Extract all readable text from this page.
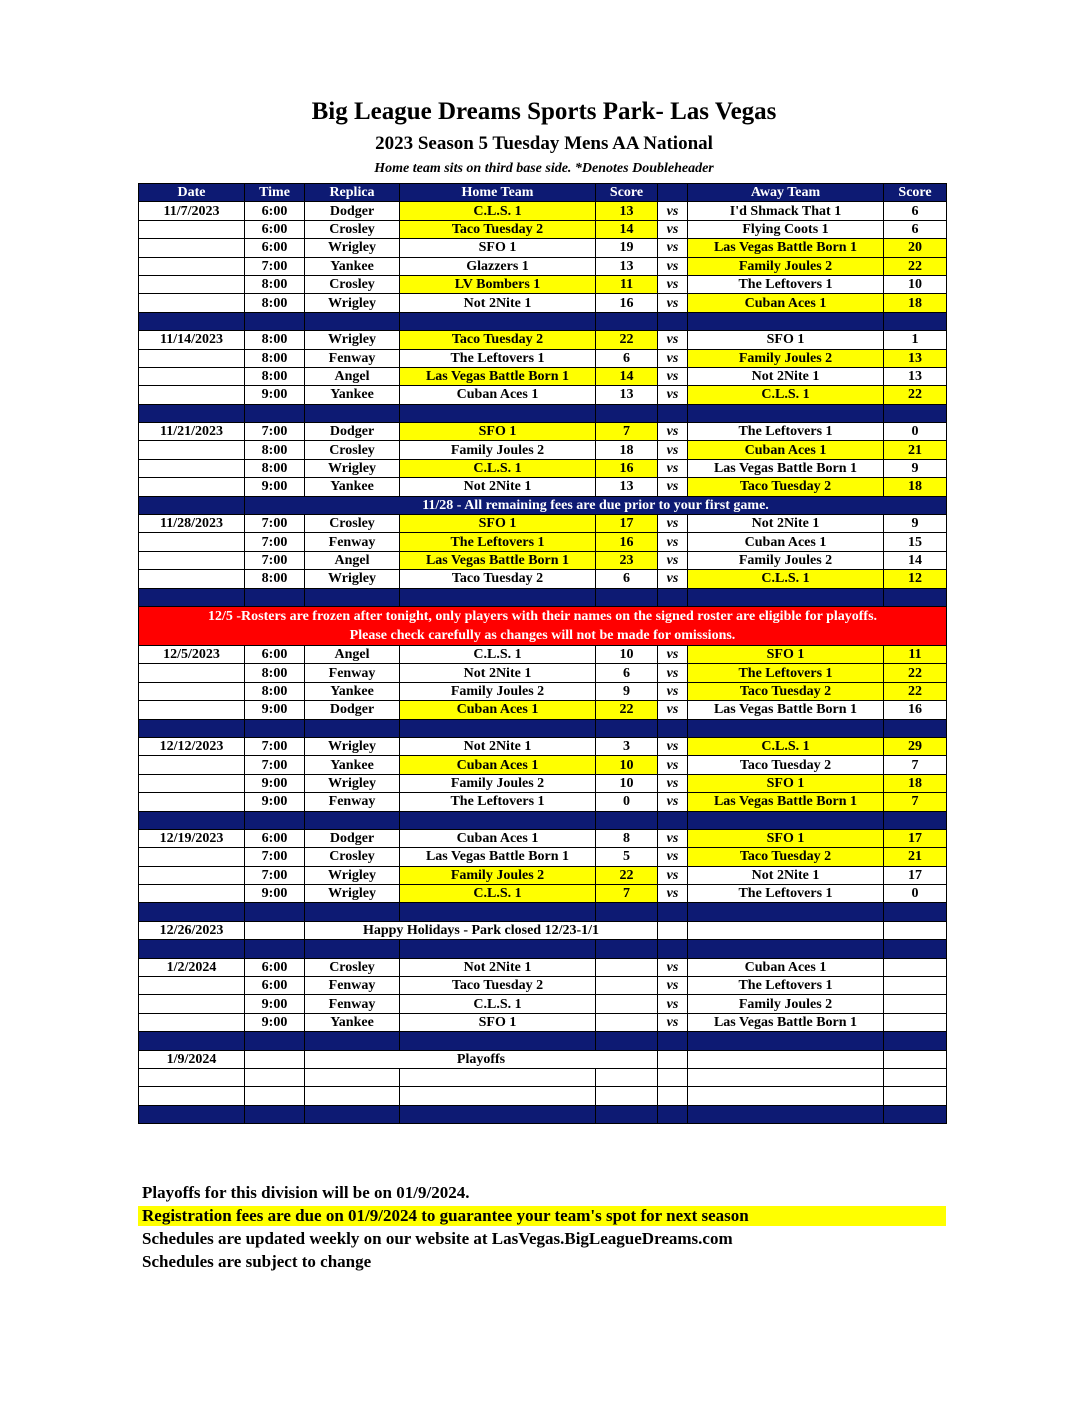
Big League Dreams Sports Park- Las Vegas
2023 Season 5 Tuesday Mens AA National
Home team sits on third base side. *Denotes Doubleheader
Date	Time	Replica	Home Team	Score		Away Team	Score
11/7/2023	6:00	Dodger	C.L.S. 1	13	vs	I'd Shmack That 1	6
	6:00	Crosley	Taco Tuesday 2	14	vs	Flying Coots 1	6
	6:00	Wrigley	SFO 1	19	vs	Las Vegas Battle Born 1	20
	7:00	Yankee	Glazzers 1	13	vs	Family Joules 2	22
	8:00	Crosley	LV Bombers 1	11	vs	The Leftovers 1	10
	8:00	Wrigley	Not 2Nite 1	16	vs	Cuban Aces 1	18

11/14/2023	8:00	Wrigley	Taco Tuesday 2	22	vs	SFO 1	1
	8:00	Fenway	The Leftovers 1	6	vs	Family Joules 2	13
	8:00	Angel	Las Vegas Battle Born 1	14	vs	Not 2Nite 1	13
	9:00	Yankee	Cuban Aces 1	13	vs	C.L.S. 1	22

11/21/2023	7:00	Dodger	SFO 1	7	vs	The Leftovers 1	0
	8:00	Crosley	Family Joules 2	18	vs	Cuban Aces 1	21
	8:00	Wrigley	C.L.S. 1	16	vs	Las Vegas Battle Born 1	9
	9:00	Yankee	Not 2Nite 1	13	vs	Taco Tuesday 2	18
	11/28 - All remaining fees are due prior to your first game.						
11/28/2023	7:00	Crosley	SFO 1	17	vs	Not 2Nite 1	9
	7:00	Fenway	The Leftovers 1	16	vs	Cuban Aces 1	15
	7:00	Angel	Las Vegas Battle Born 1	23	vs	Family Joules 2	14
	8:00	Wrigley	Taco Tuesday 2	6	vs	C.L.S. 1	12

12/5 -Rosters are frozen after tonight, only players with their names on the signed roster are eligible for playoffs.
Please check carefully as changes will not be made for omissions.							

12/5/2023	6:00	Angel	C.L.S. 1	10	vs	SFO 1	11
	8:00	Fenway	Not 2Nite 1	6	vs	The Leftovers 1	22
	8:00	Yankee	Family Joules 2	9	vs	Taco Tuesday 2	22
	9:00	Dodger	Cuban Aces 1	22	vs	Las Vegas Battle Born 1	16

12/12/2023	7:00	Wrigley	Not 2Nite 1	3	vs	C.L.S. 1	29
	7:00	Yankee	Cuban Aces 1	10	vs	Taco Tuesday 2	7
	9:00	Wrigley	Family Joules 2	10	vs	SFO 1	18
	9:00	Fenway	The Leftovers 1	0	vs	Las Vegas Battle Born 1	7

12/19/2023	6:00	Dodger	Cuban Aces 1	8	vs	SFO 1	17
	7:00	Crosley	Las Vegas Battle Born 1	5	vs	Taco Tuesday 2	21
	7:00	Wrigley	Family Joules 2	22	vs	Not 2Nite 1	17
	9:00	Wrigley	C.L.S. 1	7	vs	The Leftovers 1	0

12/26/2023		Happy Holidays - Park closed 12/23-1/1					

1/2/2024	6:00	Crosley	Not 2Nite 1		vs	Cuban Aces 1	
	6:00	Fenway	Taco Tuesday 2		vs	The Leftovers 1	
	9:00	Fenway	C.L.S. 1		vs	Family Joules 2	
	9:00	Yankee	SFO 1		vs	Las Vegas Battle Born 1	

1/9/2024		Playoffs					

Playoffs for this division will be on 01/9/2024.
Registration fees are due on 01/9/2024 to guarantee your team's spot for next season
Schedules are updated weekly on our website at LasVegas.BigLeagueDreams.com
Schedules are subject to change
